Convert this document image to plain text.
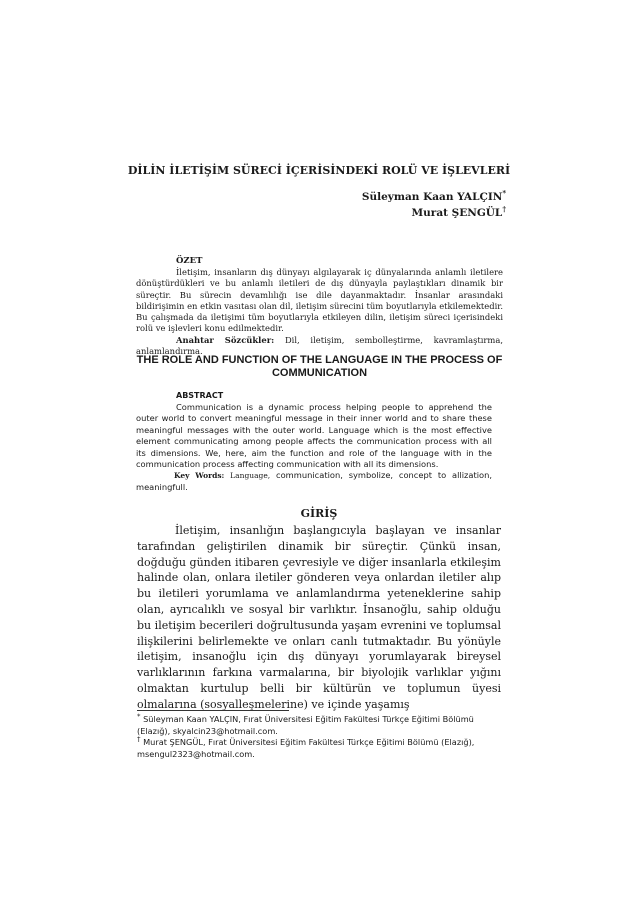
DİLİN İLETİŞİM SÜRECİ İÇERİSİNDEKİ ROLÜ VE İŞLEVLERİ
Süleyman Kaan YALÇIN*
Murat ŞENGÜL†
ÖZET

İletişim, insanların dış dünyayı algılayarak iç dünyalarında anlamlı iletilere dönüştürdükleri ve bu anlamlı iletileri de dış dünyayla paylaştıkları dinamik bir süreçtir. Bu sürecin devamlılığı ise dile dayanmaktadır. İnsanlar arasındaki bildirişimin en etkin vasıtası olan dil, iletişim sürecini tüm boyutlarıyla etkilemektedir. Bu çalışmada da iletişimi tüm boyutlarıyla etkileyen dilin, iletişim süreci içerisindeki rolü ve işlevleri konu edilmektedir.

Anahtar Sözcükler: Dil, iletişim, sembolleştirme, kavramlaştırma, anlamlandırma.

THE ROLE AND FUNCTION OF THE LANGUAGE IN THE PROCESS OF COMMUNICATION
ABSTRACT

Communication is a dynamic process helping people to apprehend the outer world to convert meaningful message in their inner world and to share these meaningful messages with the outer world. Language which is the most effective element communicating among people affects the communication process with all its dimensions. We, here, aim the function and role of the language with in the communication process affecting communication with all its dimensions.

Key Words: Language, communication, symbolize, concept to allization, meaningfull.

GİRİŞ

İletişim, insanlığın başlangıcıyla başlayan ve insanlar tarafından geliştirilen dinamik bir süreçtir. Çünkü insan, doğduğu günden itibaren çevresiyle ve diğer insanlarla etkileşim halinde olan, onlara iletiler gönderen veya onlardan iletiler alıp bu iletileri yorumlama ve anlamlandırma yeteneklerine sahip olan, ayrıcalıklı ve sosyal bir varlıktır. İnsanoğlu, sahip olduğu bu iletişim becerileri doğrultusunda yaşam evrenini ve toplumsal ilişkilerini belirlemekte ve onları canlı tutmaktadır. Bu yönüyle iletişim, insanoğlu için dış dünyayı yorumlayarak bireysel varlıklarının farkına varmalarına, bir biyolojik varlıklar yığını olmaktan kurtulup belli bir kültürün ve toplumun üyesi olmalarına (sosyalleşmelerine) ve içinde yaşamış

* Süleyman Kaan YALÇIN, Fırat Üniversitesi Eğitim Fakültesi Türkçe Eğitimi Bölümü (Elazığ), skyalcin23@hotmail.com.

† Murat ŞENGÜL, Fırat Üniversitesi Eğitim Fakültesi Türkçe Eğitimi Bölümü (Elazığ), msengul2323@hotmail.com.
